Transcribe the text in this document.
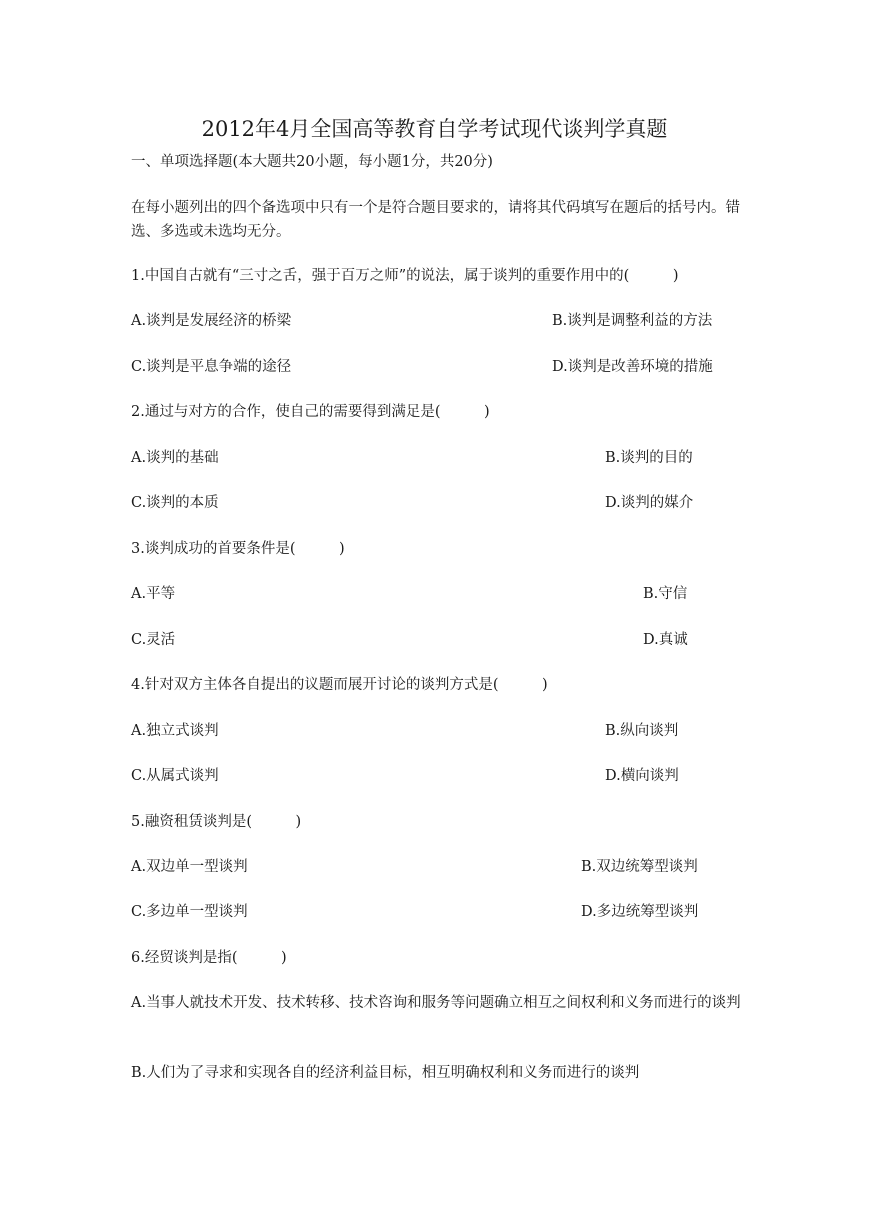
2012年4月全国高等教育自学考试现代谈判学真题
一、单项选择题(本大题共20小题，每小题1分，共20分)
在每小题列出的四个备选项中只有一个是符合题目要求的，请将其代码填写在题后的括号内。错选、多选或未选均无分。
1.中国自古就有“三寸之舌，强于百万之师”的说法，属于谈判的重要作用中的(　　　)
A.谈判是发展经济的桥梁	B.谈判是调整利益的方法
C.谈判是平息争端的途径	D.谈判是改善环境的措施
2.通过与对方的合作，使自己的需要得到满足是(　　　)
A.谈判的基础	B.谈判的目的
C.谈判的本质	D.谈判的媒介
3.谈判成功的首要条件是(　　　)
A.平等	B.守信
C.灵活	D.真诚
4.针对双方主体各自提出的议题而展开讨论的谈判方式是(　　　)
A.独立式谈判	B.纵向谈判
C.从属式谈判	D.横向谈判
5.融资租赁谈判是(　　　)
A.双边单一型谈判	B.双边统筹型谈判
C.多边单一型谈判	D.多边统筹型谈判
6.经贸谈判是指(　　　)
A.当事人就技术开发、技术转移、技术咨询和服务等问题确立相互之间权利和义务而进行的谈判
B.人们为了寻求和实现各自的经济利益目标，相互明确权利和义务而进行的谈判
